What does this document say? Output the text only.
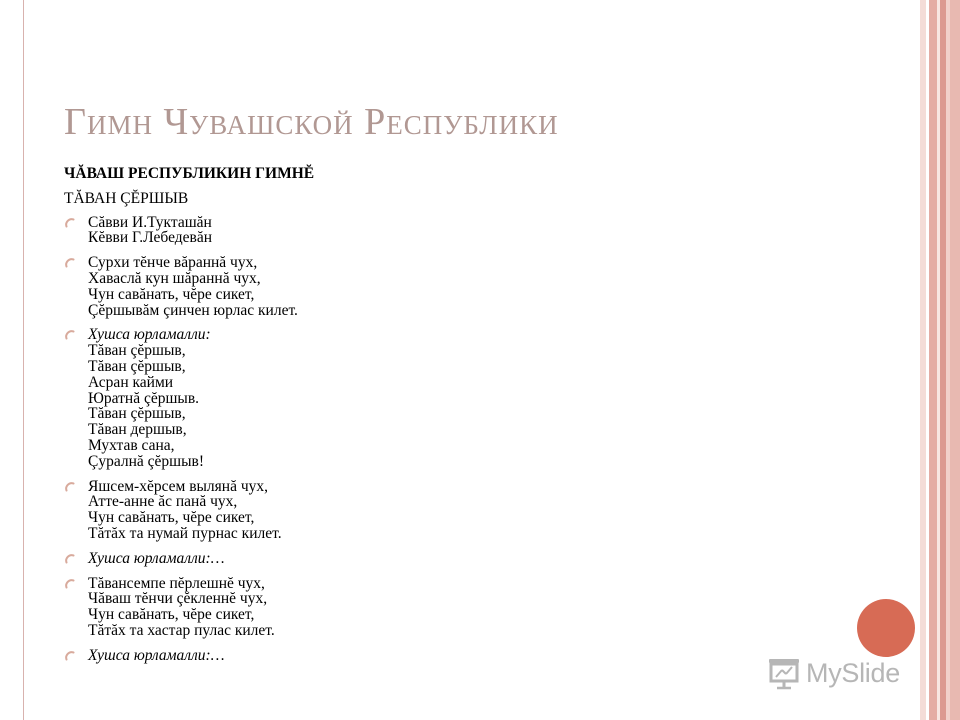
Гимн Чувашской Республики
ЧĂВАШ РЕСПУБЛИКИН ГИМНĔ
ТĂВАН ÇĔРШЫВ
Сăвви И.Тукташăн
Кĕвви Г.Лебедевăн
Сурхи тĕнче вăраннă чух,
Хаваслă кун шăраннă чух,
Чун савăнать, чĕре сикет,
Çĕршывăм çинчен юрлас килет.
Хушса юрламалли:
Тăван çĕршыв,
Тăван çĕршыв,
Асран кайми
Юратнă çĕршыв.
Тăван çĕршыв,
Тăван дершыв,
Мухтав сана,
Çуралнă çĕршыв!
Яшсем-хĕрсем вылянă чух,
Атте-анне ăс панă чух,
Чун савăнать, чĕре сикет,
Тăтăх та нумай пурнас килет.
Хушса юрламалли:…
Тăвансемпе пĕрлешнĕ чух,
Чăваш тĕнчи çĕкленнĕ чух,
Чун савăнать, чĕре сикет,
Тăтăх та хастар пулас килет.
Хушса юрламалли:…
MySlide
